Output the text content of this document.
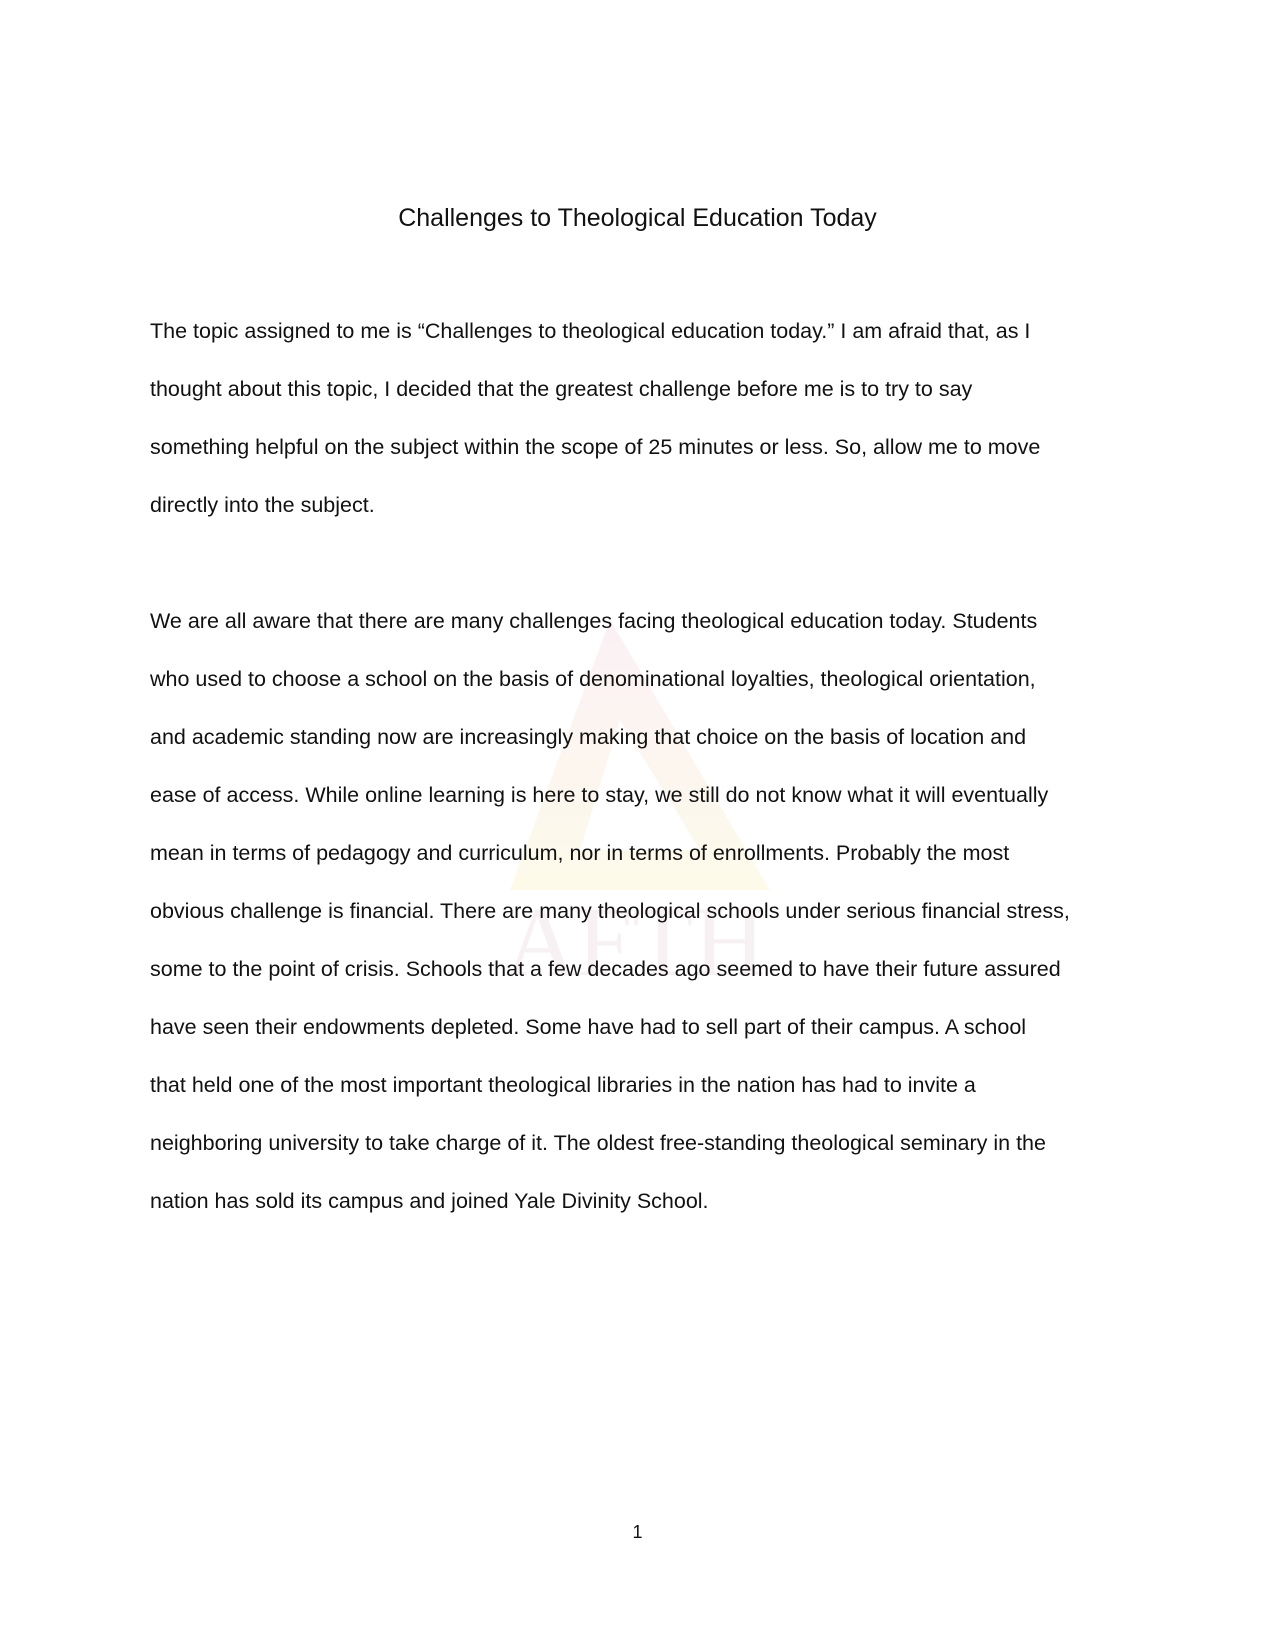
AFTH
Challenges to Theological Education Today
The topic assigned to me is “Challenges to theological education today.” I am afraid that, as I
thought about this topic, I decided that the greatest challenge before me is to try to say
something helpful on the subject within the scope of 25 minutes or less. So, allow me to move
directly into the subject.
We are all aware that there are many challenges facing theological education today. Students
who used to choose a school on the basis of denominational loyalties, theological orientation,
and academic standing now are increasingly making that choice on the basis of location and
ease of access. While online learning is here to stay, we still do not know what it will eventually
mean in terms of pedagogy and curriculum, nor in terms of enrollments. Probably the most
obvious challenge is financial. There are many theological schools under serious financial stress,
some to the point of crisis. Schools that a few decades ago seemed to have their future assured
have seen their endowments depleted. Some have had to sell part of their campus. A school
that held one of the most important theological libraries in the nation has had to invite a
neighboring university to take charge of it. The oldest free-standing theological seminary in the
nation has sold its campus and joined Yale Divinity School.
1
